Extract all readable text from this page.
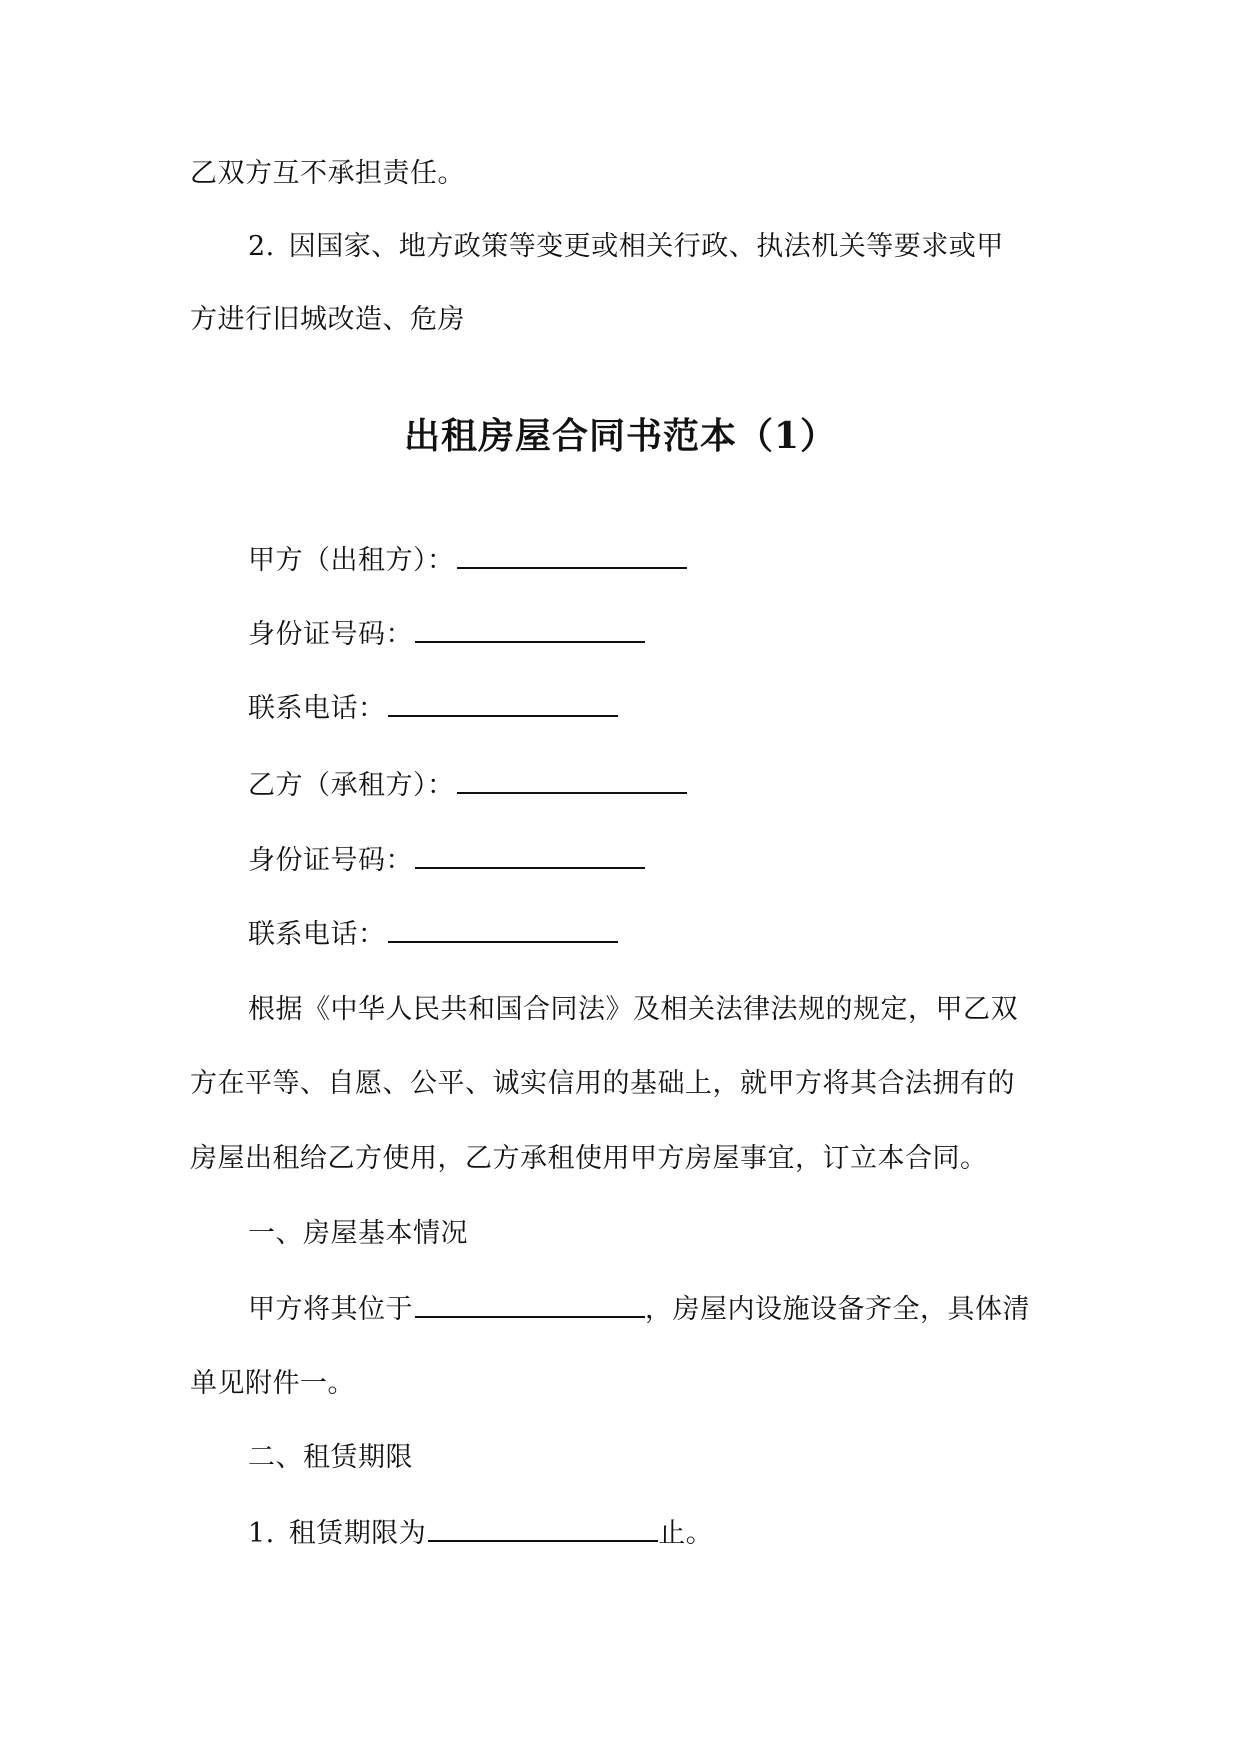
乙双方互不承担责任。
2. 因国家、地方政策等变更或相关行政、执法机关等要求或甲
方进行旧城改造、危房
出租房屋合同书范本（1）
甲方（出租方）：
身份证号码：
联系电话：
乙方（承租方）：
身份证号码：
联系电话：
根据《中华人民共和国合同法》及相关法律法规的规定，甲乙双
方在平等、自愿、公平、诚实信用的基础上，就甲方将其合法拥有的
房屋出租给乙方使用，乙方承租使用甲方房屋事宜，订立本合同。
一、房屋基本情况
甲方将其位于	，房屋内设施设备齐全，具体清
单见附件一。
二、租赁期限
1. 租赁期限为	止。
